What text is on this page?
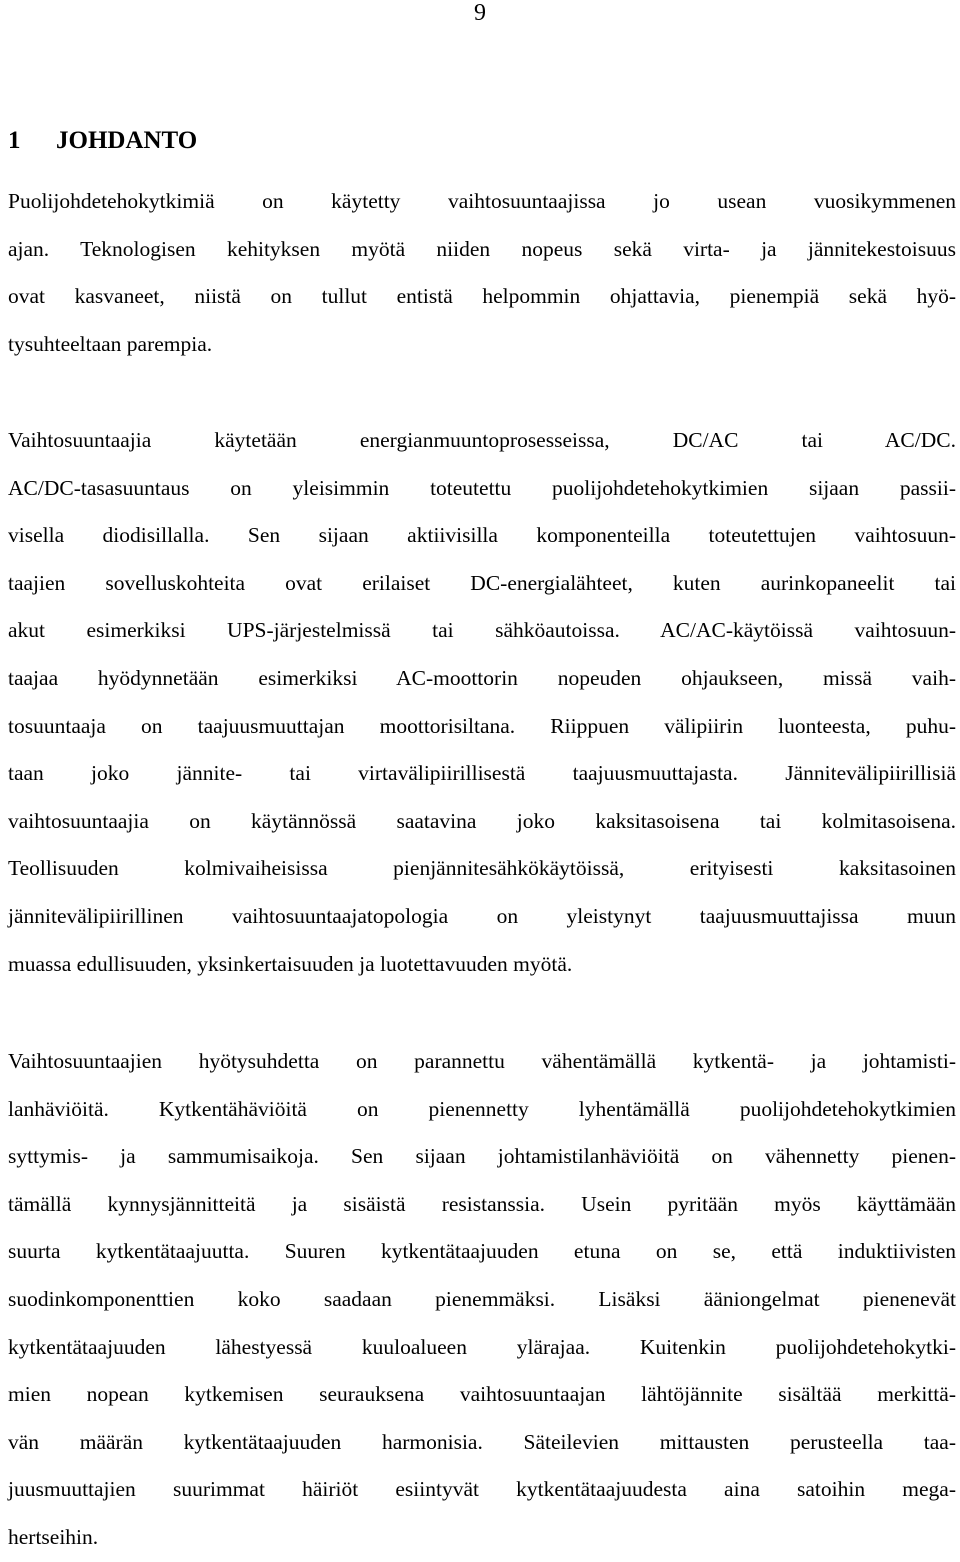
9
1 JOHDANTO

Puolijohdetehokytkimiä on käytetty vaihtosuuntaajissa jo usean vuosikymmenen
ajan. Teknologisen kehityksen myötä niiden nopeus sekä virta- ja jännitekestoisuus
ovat kasvaneet, niistä on tullut entistä helpommin ohjattavia, pienempiä sekä hyö-
tysuhteeltaan parempia.

Vaihtosuuntaajia käytetään energianmuuntoprosesseissa, DC/AC tai AC/DC.
AC/DC-tasasuuntaus on yleisimmin toteutettu puolijohdetehokytkimien sijaan passii-
visella diodisillalla. Sen sijaan aktiivisilla komponenteilla toteutettujen vaihtosuun-
taajien sovelluskohteita ovat erilaiset DC-energialähteet, kuten aurinkopaneelit tai
akut esimerkiksi UPS-järjestelmissä tai sähköautoissa. AC/AC-käytöissä vaihtosuun-
taajaa hyödynnetään esimerkiksi AC-moottorin nopeuden ohjaukseen, missä vaih-
tosuuntaaja on taajuusmuuttajan moottorisiltana. Riippuen välipiirin luonteesta, puhu-
taan joko jännite- tai virtavälipiirillisestä taajuusmuuttajasta. Jännitevälipiirillisiä
vaihtosuuntaajia on käytännössä saatavina joko kaksitasoisena tai kolmitasoisena.
Teollisuuden kolmivaiheisissa pienjännitesähkökäytöissä, erityisesti kaksitasoinen
jännitevälipiirillinen vaihtosuuntaajatopologia on yleistynyt taajuusmuuttajissa muun
muassa edullisuuden, yksinkertaisuuden ja luotettavuuden myötä.

Vaihtosuuntaajien hyötysuhdetta on parannettu vähentämällä kytkentä- ja johtamisti-
lanhäviöitä. Kytkentähäviöitä on pienennetty lyhentämällä puolijohdetehokytkimien
syttymis- ja sammumisaikoja. Sen sijaan johtamistilanhäviöitä on vähennetty pienen-
tämällä kynnysjännitteitä ja sisäistä resistanssia. Usein pyritään myös käyttämään
suurta kytkentätaajuutta. Suuren kytkentätaajuuden etuna on se, että induktiivisten
suodinkomponenttien koko saadaan pienemmäksi. Lisäksi ääniongelmat pienenevät
kytkentätaajuuden lähestyessä kuuloalueen ylärajaa. Kuitenkin puolijohdetehokytki-
mien nopean kytkemisen seurauksena vaihtosuuntaajan lähtöjännite sisältää merkittä-
vän määrän kytkentätaajuuden harmonisia. Säteilevien mittausten perusteella taa-
juusmuuttajien suurimmat häiriöt esiintyvät kytkentätaajuudesta aina satoihin mega-
hertseihin.
